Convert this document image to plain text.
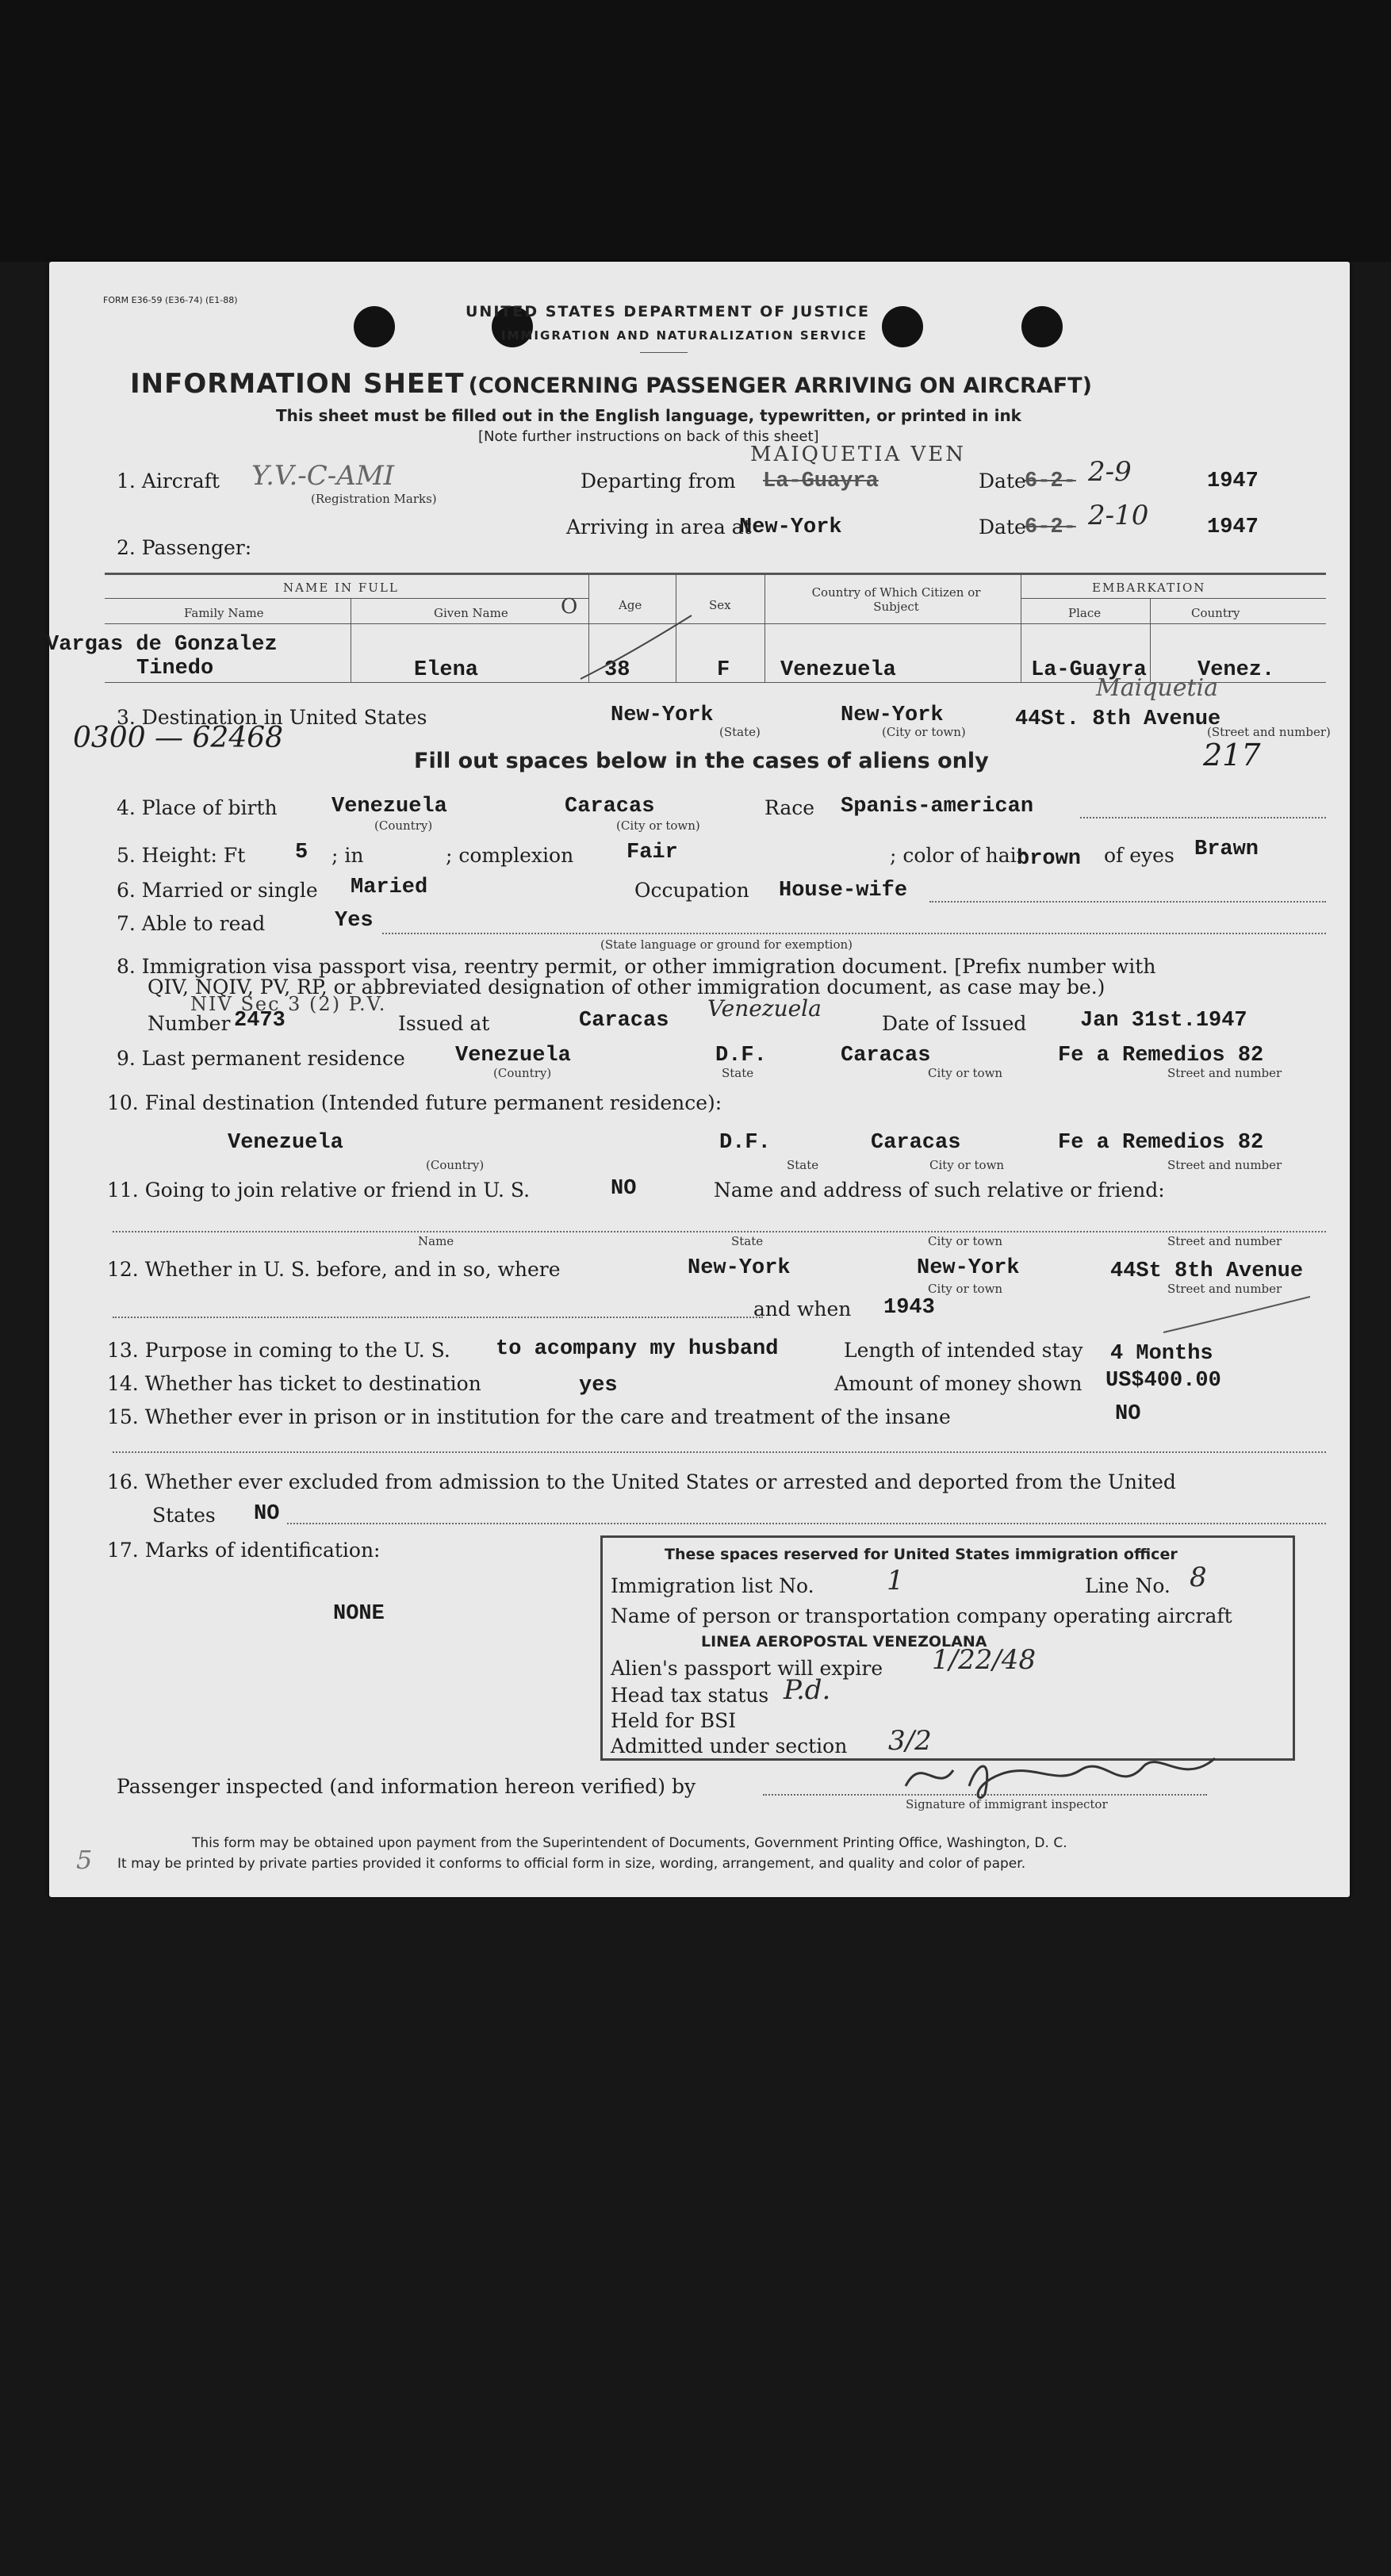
FORM E36-59 (E36-74) (E1-88)
UNITED STATES DEPARTMENT OF JUSTICE
IMMIGRATION AND NATURALIZATION SERVICE
INFORMATION SHEET (CONCERNING PASSENGER ARRIVING ON AIRCRAFT)
This sheet must be filled out in the English language, typewritten, or printed in ink
[Note further instructions on back of this sheet]
1. Aircraft Y.V.-C-AMI
(Registration Marks)
Departing from La-Guayra
MAIQUETIA VEN
Date
6-2- 2-9	1947
Arriving in area at
New-York	Date
6-2- 2-10	1947
2. Passenger:
NAME IN FULL
Family Name	Given Name	O	Age	Sex
Country of Which Citizen or Subject
EMBARKATION
Place	Country
Vargas de Gonzalez
Tinedo	Elena	38	F Venezuela	La-Guayra Venez.
Maiquetia
3. Destination in United States	New-York	New-York	44St. 8th Avenue
(State)	(City or town)	(Street and number)
0300 — 62468	217
Fill out spaces below in the cases of aliens only
4. Place of birth	Venezuela	Caracas	Race Spanis-american
(Country)	(City or town)
5. Height: Ft 5 ; in	; complexion Fair	; color of hair
brown of eyes Brawn
6. Married or single Maried	Occupation House-wife
7. Able to read	Yes
(State language or ground for exemption)
8. Immigration visa passport visa, reentry permit, or other immigration document. [Prefix number with
QIV, NQIV, PV, RP, or abbreviated designation of other immigration document, as case may be.)
NIV Sec 3 (2) P.V.
Number 2473	Issued at	Caracas Venezuela
Date of Issued	Jan 31st.1947
9. Last permanent residence Venezuela	D.F.	Caracas	Fe a Remedios 82
(Country)	State	City or town	Street and number
10. Final destination (Intended future permanent residence):
Venezuela	D.F.	Caracas	Fe a Remedios 82
(Country)	State	City or town	Street and number
11. Going to join relative or friend in U. S.	NO	Name and address of such relative or friend:
Name	State	City or town	Street and number
12. Whether in U. S. before, and in so, where	New-York	New-York	44St 8th Avenue
City or town	Street and number
and when 1943
13. Purpose in coming to the U. S. to acompany my husband	Length of intended stay 4 Months
14. Whether has ticket to destination	yes	Amount of money shown US$400.00
15. Whether ever in prison or in institution for the care and treatment of the insane	NO
16. Whether ever excluded from admission to the United States or arrested and deported from the United
States NO
17. Marks of identification:
NONE
These spaces reserved for United States immigration officer
Immigration list No.	1	Line No. 8
Name of person or transportation company operating aircraft
LINEA AEROPOSTAL VENEZOLANA
Alien's passport will expire 1/22/48
Head tax status P.d.
Held for BSI
Admitted under section 3/2
Passenger inspected (and information hereon verified) by
Signature of immigrant inspector
This form may be obtained upon payment from the Superintendent of Documents, Government Printing Office, Washington, D. C.
It may be printed by private parties provided it conforms to official form in size, wording, arrangement, and quality and color of paper.
5
